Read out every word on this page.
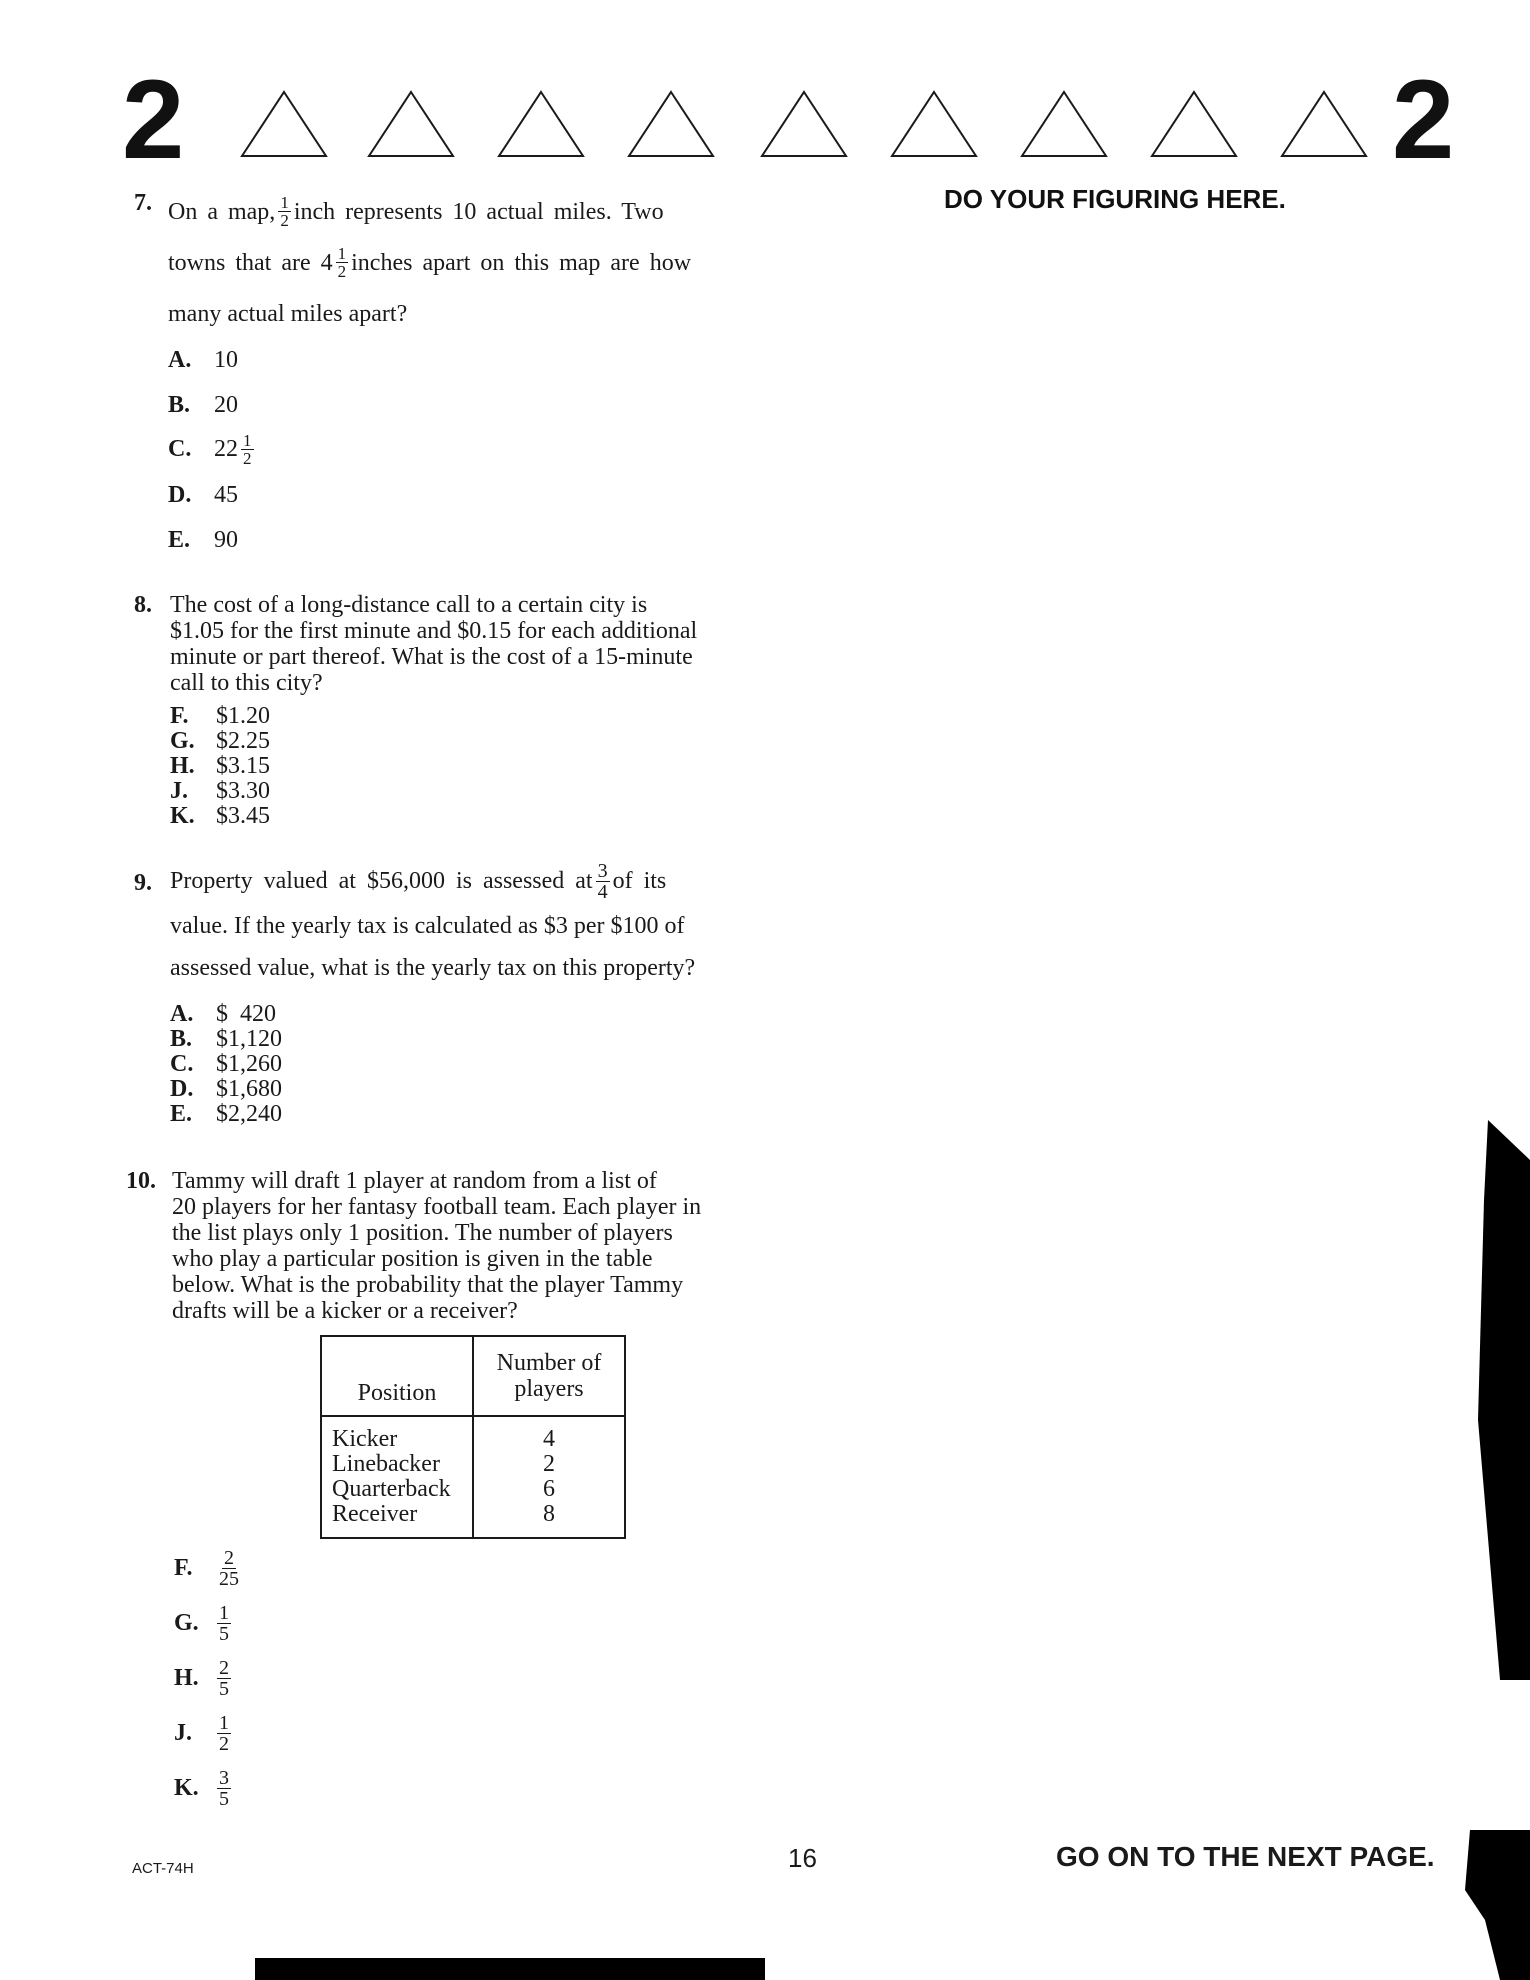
2	2
DO YOUR FIGURING HERE.
7. On a map, $\frac{1}{2}$ inch represents 10 actual miles. Two
towns that are $4 \frac{1}{2}$ inches apart on this map are how
many actual miles apart?
A. 10
B. 20
C. $22 \frac{1}{2}$
D. 45
E. 90
8. The cost of a long-distance call to a certain city is
$1.05 for the first minute and $0.15 for each additional
minute or part thereof. What is the cost of a 15-minute
call to this city?
F. $1.20
G. $2.25
H. $3.15
J. $3.30
K. $3.45
9. Property valued at $56,000 is assessed at $\frac{3}{4}$ of its
value. If the yearly tax is calculated as $3 per $100 of
assessed value, what is the yearly tax on this property?
A. $  420
B. $1,120
C. $1,260
D. $1,680
E. $2,240
10. Tammy will draft 1 player at random from a list of
20 players for her fantasy football team. Each player in
the list plays only 1 position. The number of players
who play a particular position is given in the table
below. What is the probability that the player Tammy
drafts will be a kicker or a receiver?
Position	Number of players
Kicker	4
Linebacker	2
Quarterback	6
Receiver	8
F.	$\frac{2}{25}$
G. $\frac{1}{5}$
H. $\frac{2}{5}$
J.	$\frac{1}{2}$
K. $\frac{3}{5}$
ACT-74H	16	GO ON TO THE NEXT PAGE.
